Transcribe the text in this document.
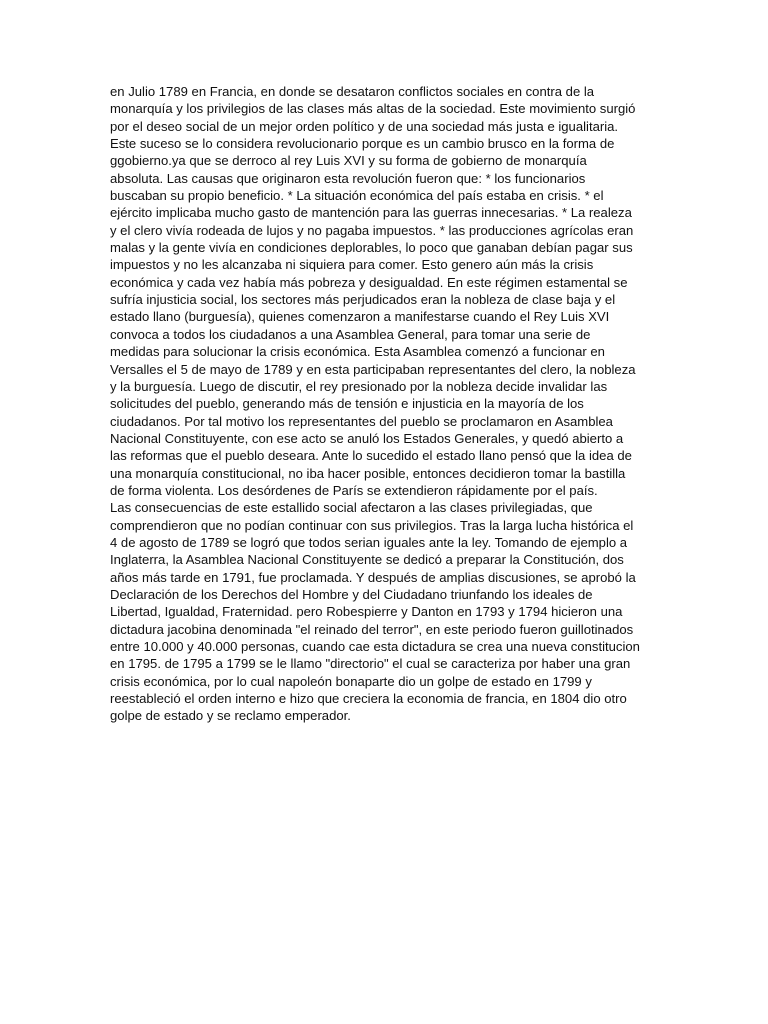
en Julio 1789 en Francia, en donde se desataron conflictos sociales en contra de la
monarquía y los privilegios de las clases más altas de la sociedad. Este movimiento surgió
por el deseo social de un mejor orden político y de una sociedad más justa e igualitaria.
Este suceso se lo considera revolucionario porque es un cambio brusco en la forma de
ggobierno.ya que se derroco al rey Luis XVI y su forma de gobierno de monarquía
absoluta. Las causas que originaron esta revolución fueron que: * los funcionarios
buscaban su propio beneficio. * La situación económica del país estaba en crisis. * el
ejército implicaba mucho gasto de mantención para las guerras innecesarias. * La realeza
y el clero vivía rodeada de lujos y no pagaba impuestos. * las producciones agrícolas eran
malas y la gente vivía en condiciones deplorables, lo poco que ganaban debían pagar sus
impuestos y no les alcanzaba ni siquiera para comer. Esto genero aún más la crisis
económica y cada vez había más pobreza y desigualdad. En este régimen estamental se
sufría injusticia social, los sectores más perjudicados eran la nobleza de clase baja y el
estado llano (burguesía), quienes comenzaron a manifestarse cuando el Rey Luis XVI
convoca a todos los ciudadanos a una Asamblea General, para tomar una serie de
medidas para solucionar la crisis económica. Esta Asamblea comenzó a funcionar en
Versalles el 5 de mayo de 1789 y en esta participaban representantes del clero, la nobleza
y la burguesía. Luego de discutir, el rey presionado por la nobleza decide invalidar las
solicitudes del pueblo, generando más de tensión e injusticia en la mayoría de los
ciudadanos. Por tal motivo los representantes del pueblo se proclamaron en Asamblea
Nacional Constituyente, con ese acto se anuló los Estados Generales, y quedó abierto a
las reformas que el pueblo deseara. Ante lo sucedido el estado llano pensó que la idea de
una monarquía constitucional, no iba hacer posible, entonces decidieron tomar la bastilla
de forma violenta. Los desórdenes de París se extendieron rápidamente por el país.
Las consecuencias de este estallido social afectaron a las clases privilegiadas, que
comprendieron que no podían continuar con sus privilegios. Tras la larga lucha histórica el
4 de agosto de 1789 se logró que todos serian iguales ante la ley. Tomando de ejemplo a
Inglaterra, la Asamblea Nacional Constituyente se dedicó a preparar la Constitución, dos
años más tarde en 1791, fue proclamada. Y después de amplias discusiones, se aprobó la
Declaración de los Derechos del Hombre y del Ciudadano triunfando los ideales de
Libertad, Igualdad, Fraternidad. pero Robespierre y Danton en 1793 y 1794 hicieron una
dictadura jacobina denominada "el reinado del terror", en este periodo fueron guillotinados
entre 10.000 y 40.000 personas, cuando cae esta dictadura se crea una nueva constitucion
en 1795. de 1795 a 1799 se le llamo "directorio" el cual se caracteriza por haber una gran
crisis económica, por lo cual napoleón bonaparte dio un golpe de estado en 1799 y
reestableció el orden interno e hizo que creciera la economia de francia, en 1804 dio otro
golpe de estado y se reclamo emperador.
